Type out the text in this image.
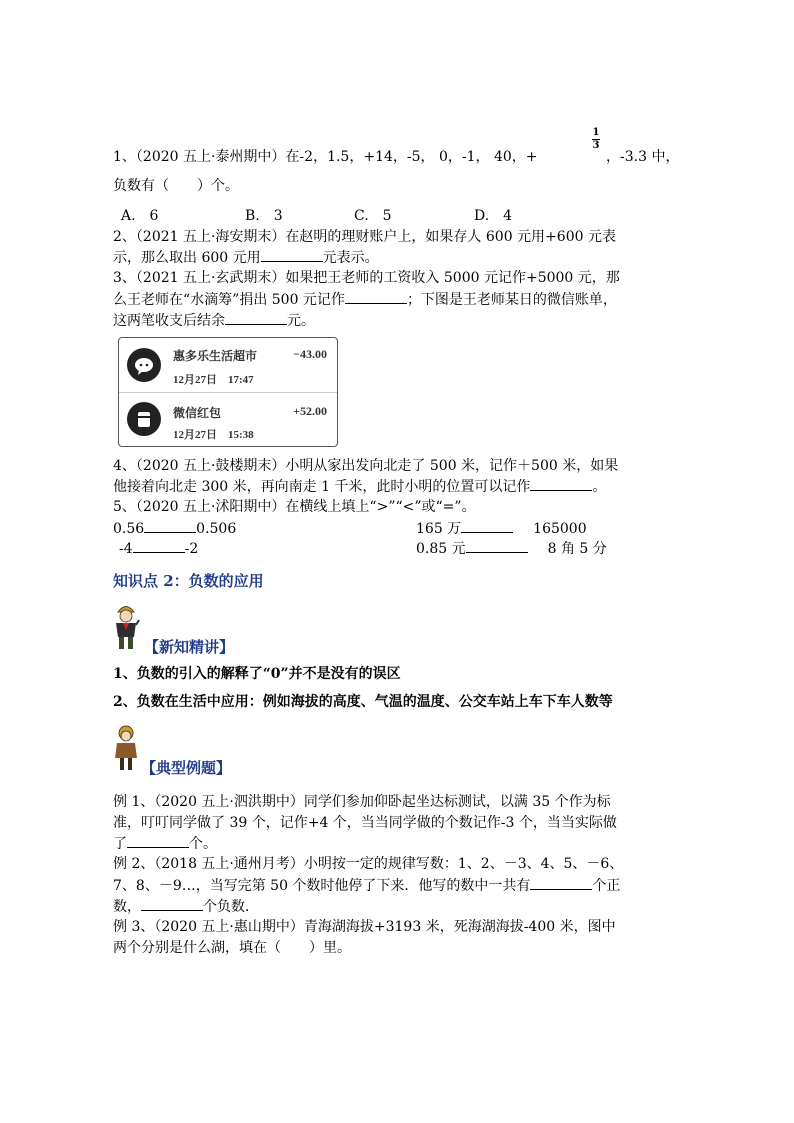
1、（2020 五上·泰州期中）在-2，1.5，+14，-5， 0，-1， 40，+
1
3
，-3.3 中，
负数有（　　）个。
A.　6	B.　3	C.　5	D.　4
2、（2021 五上·海安期末）在赵明的理财账户上，如果存人 600 元用+600 元表
示，那么取出 600 元用	元表示。
3、（2021 五上·玄武期末）如果把王老师的工资收入 5000 元记作+5000 元，那
么王老师在“水滴筹”捐出 500 元记作	；下图是王老师某日的微信账单，
这两笔收支后结余	元。
惠多乐生活超市	−43.00
12月27日　17:47
微信红包	+52.00
12月27日　15:38
4、（2020 五上·鼓楼期末）小明从家出发向北走了 500 米，记作＋500 米，如果
他接着向北走 300 米，再向南走 1 千米，此时小明的位置可以记作	。
5、（2020 五上·沭阳期中）在横线上填上“>”“<”或“=”。
0.56	0.506	165 万	165000
-4	-2	0.85 元	8 角 5 分
知识点 2：负数的应用
【新知精讲】
1、负数的引入的解释了“0”并不是没有的误区
2、负数在生活中应用：例如海拔的高度、气温的温度、公交车站上车下车人数等
【典型例题】
例 1、（2020 五上·泗洪期中）同学们参加仰卧起坐达标测试，以满 35 个作为标
准，叮叮同学做了 39 个，记作+4 个，当当同学做的个数记作-3 个，当当实际做
了	个。
例 2、（2018 五上·通州月考）小明按一定的规律写数：1、2、－3、4、5、－6、
7、8、－9…，当写完第 50 个数时他停了下来．他写的数中一共有	个正
数，	个负数．
例 3、（2020 五上·惠山期中）青海湖海拔+3193 米，死海湖海拔-400 米，图中
两个分别是什么湖，填在（　　）里。
